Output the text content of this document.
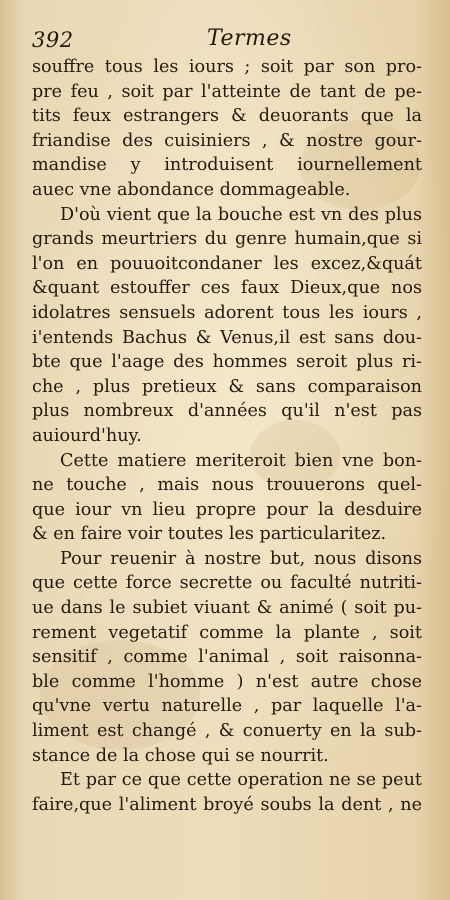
392	Termes
souffre tous les iours ; soit par son pro-
pre feu , soit par l'atteinte de tant de pe-
tits feux estrangers & deuorants que la
friandise des cuisiniers , & nostre gour-
mandise y introduisent iournellement
auec vne abondance dommageable.
D'où vient que la bouche est vn des plus
grands meurtriers du genre humain,que si
l'on en pouuoitcondaner les excez,&quát
&quant estouffer ces faux Dieux,que nos
idolatres sensuels adorent tous les iours ,
i'entends Bachus & Venus,il est sans dou-
bte que l'aage des hommes seroit plus ri-
che , plus pretieux & sans comparaison
plus nombreux d'années qu'il n'est pas
auiourd'huy.
Cette matiere meriteroit bien vne bon-
ne touche , mais nous trouuerons quel-
que iour vn lieu propre pour la desduire
& en faire voir toutes les particularitez.
Pour reuenir à nostre but, nous disons
que cette force secrette ou faculté nutriti-
ue dans le subiet viuant & animé ( soit pu-
rement vegetatif comme la plante , soit
sensitif , comme l'animal , soit raisonna-
ble comme l'homme ) n'est autre chose
qu'vne vertu naturelle , par laquelle l'a-
liment est changé , & conuerty en la sub-
stance de la chose qui se nourrit.
Et par ce que cette operation ne se peut
faire,que l'aliment broyé soubs la dent , ne
